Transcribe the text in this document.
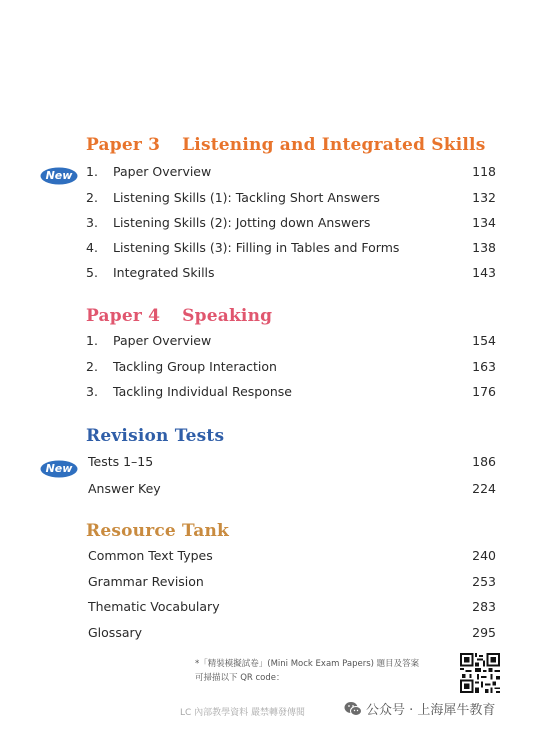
Paper 3 Listening and Integrated Skills
New	1. Paper Overview	118
2. Listening Skills (1): Tackling Short Answers	132
3. Listening Skills (2): Jotting down Answers	134
4. Listening Skills (3): Filling in Tables and Forms	138
5. Integrated Skills	143
Paper 4 Speaking
1. Paper Overview	154
2. Tackling Group Interaction	163
3. Tackling Individual Response	176
Revision Tests
New	Tests 1–15	186
Answer Key	224
Resource Tank
Common Text Types	240
Grammar Revision	253
Thematic Vocabulary	283
Glossary	295
*「精裝模擬試卷」(Mini Mock Exam Papers) 題目及答案
可掃描以下 QR code：
LC 內部教學資料 嚴禁轉發傳閱	公众号 · 上海犀牛教育
